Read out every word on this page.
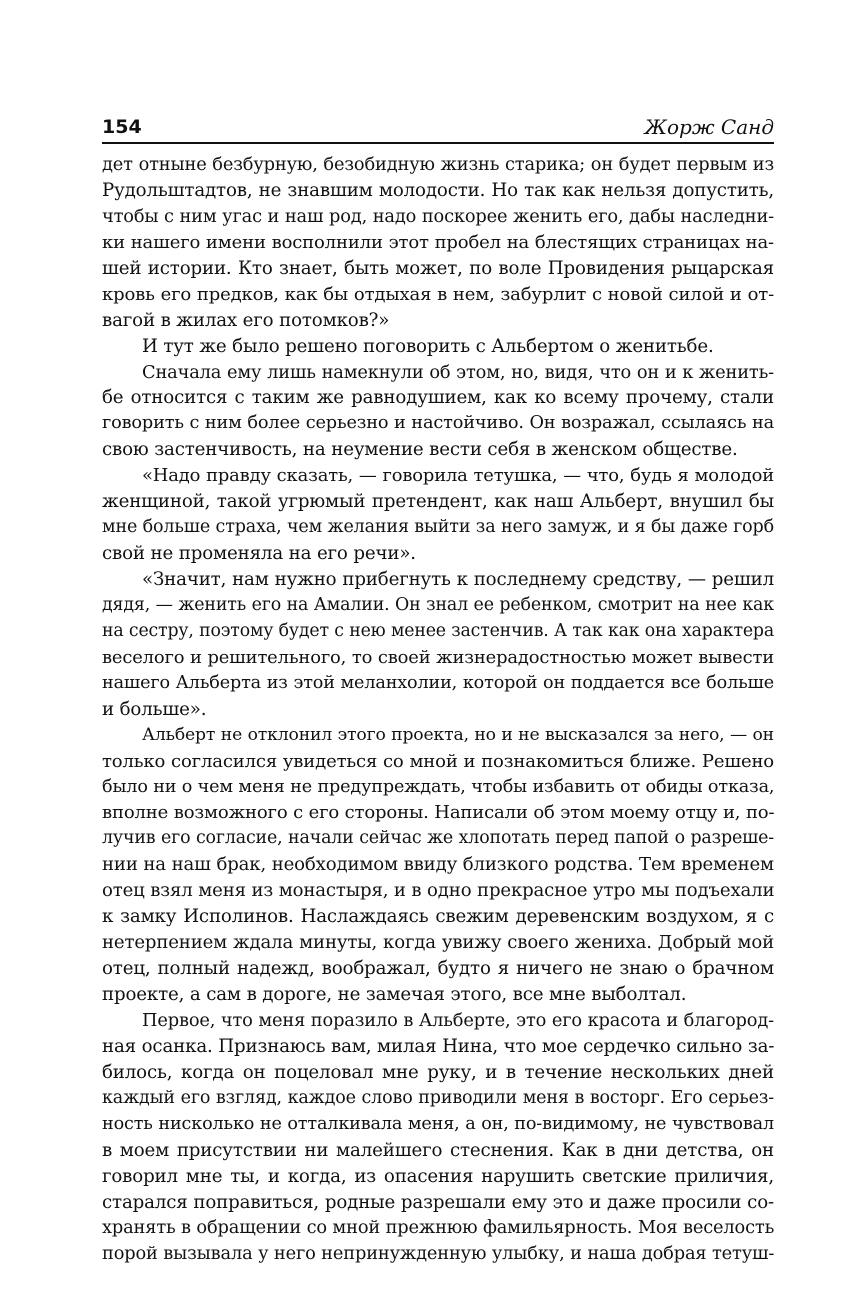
154	Жорж Санд
дет отныне безбурную, безобидную жизнь старика; он будет первым из
Рудольштадтов, не знавшим молодости. Но так как нельзя допустить,
чтобы с ним угас и наш род, надо поскорее женить его, дабы наследни-
ки нашего имени восполнили этот пробел на блестящих страницах на-
шей истории. Кто знает, быть может, по воле Провидения рыцарская
кровь его предков, как бы отдыхая в нем, забурлит с новой силой и от-
вагой в жилах его потомков?»
И тут же было решено поговорить с Альбертом о женитьбе.
Сначала ему лишь намекнули об этом, но, видя, что он и к женить-
бе относится с таким же равнодушием, как ко всему прочему, стали
говорить с ним более серьезно и настойчиво. Он возражал, ссылаясь на
свою застенчивость, на неумение вести себя в женском обществе.
«Надо правду сказать, — говорила тетушка, — что, будь я молодой
женщиной, такой угрюмый претендент, как наш Альберт, внушил бы
мне больше страха, чем желания выйти за него замуж, и я бы даже горб
свой не променяла на его речи».
«Значит, нам нужно прибегнуть к последнему средству, — решил
дядя, — женить его на Амалии. Он знал ее ребенком, смотрит на нее как
на сестру, поэтому будет с нею менее застенчив. А так как она характера
веселого и решительного, то своей жизнерадостностью может вывести
нашего Альберта из этой меланхолии, которой он поддается все больше
и больше».
Альберт не отклонил этого проекта, но и не высказался за него, — он
только согласился увидеться со мной и познакомиться ближе. Решено
было ни о чем меня не предупреждать, чтобы избавить от обиды отказа,
вполне возможного с его стороны. Написали об этом моему отцу и, по-
лучив его согласие, начали сейчас же хлопотать перед папой о разреше-
нии на наш брак, необходимом ввиду близкого родства. Тем временем
отец взял меня из монастыря, и в одно прекрасное утро мы подъехали
к замку Исполинов. Наслаждаясь свежим деревенским воздухом, я с
нетерпением ждала минуты, когда увижу своего жениха. Добрый мой
отец, полный надежд, воображал, будто я ничего не знаю о брачном
проекте, а сам в дороге, не замечая этого, все мне выболтал.
Первое, что меня поразило в Альберте, это его красота и благород-
ная осанка. Признаюсь вам, милая Нина, что мое сердечко сильно за-
билось, когда он поцеловал мне руку, и в течение нескольких дней
каждый его взгляд, каждое слово приводили меня в восторг. Его серьез-
ность нисколько не отталкивала меня, а он, по-видимому, не чувствовал
в моем присутствии ни малейшего стеснения. Как в дни детства, он
говорил мне ты, и когда, из опасения нарушить светские приличия,
старался поправиться, родные разрешали ему это и даже просили со-
хранять в обращении со мной прежнюю фамильярность. Моя веселость
порой вызывала у него непринужденную улыбку, и наша добрая тетуш-
